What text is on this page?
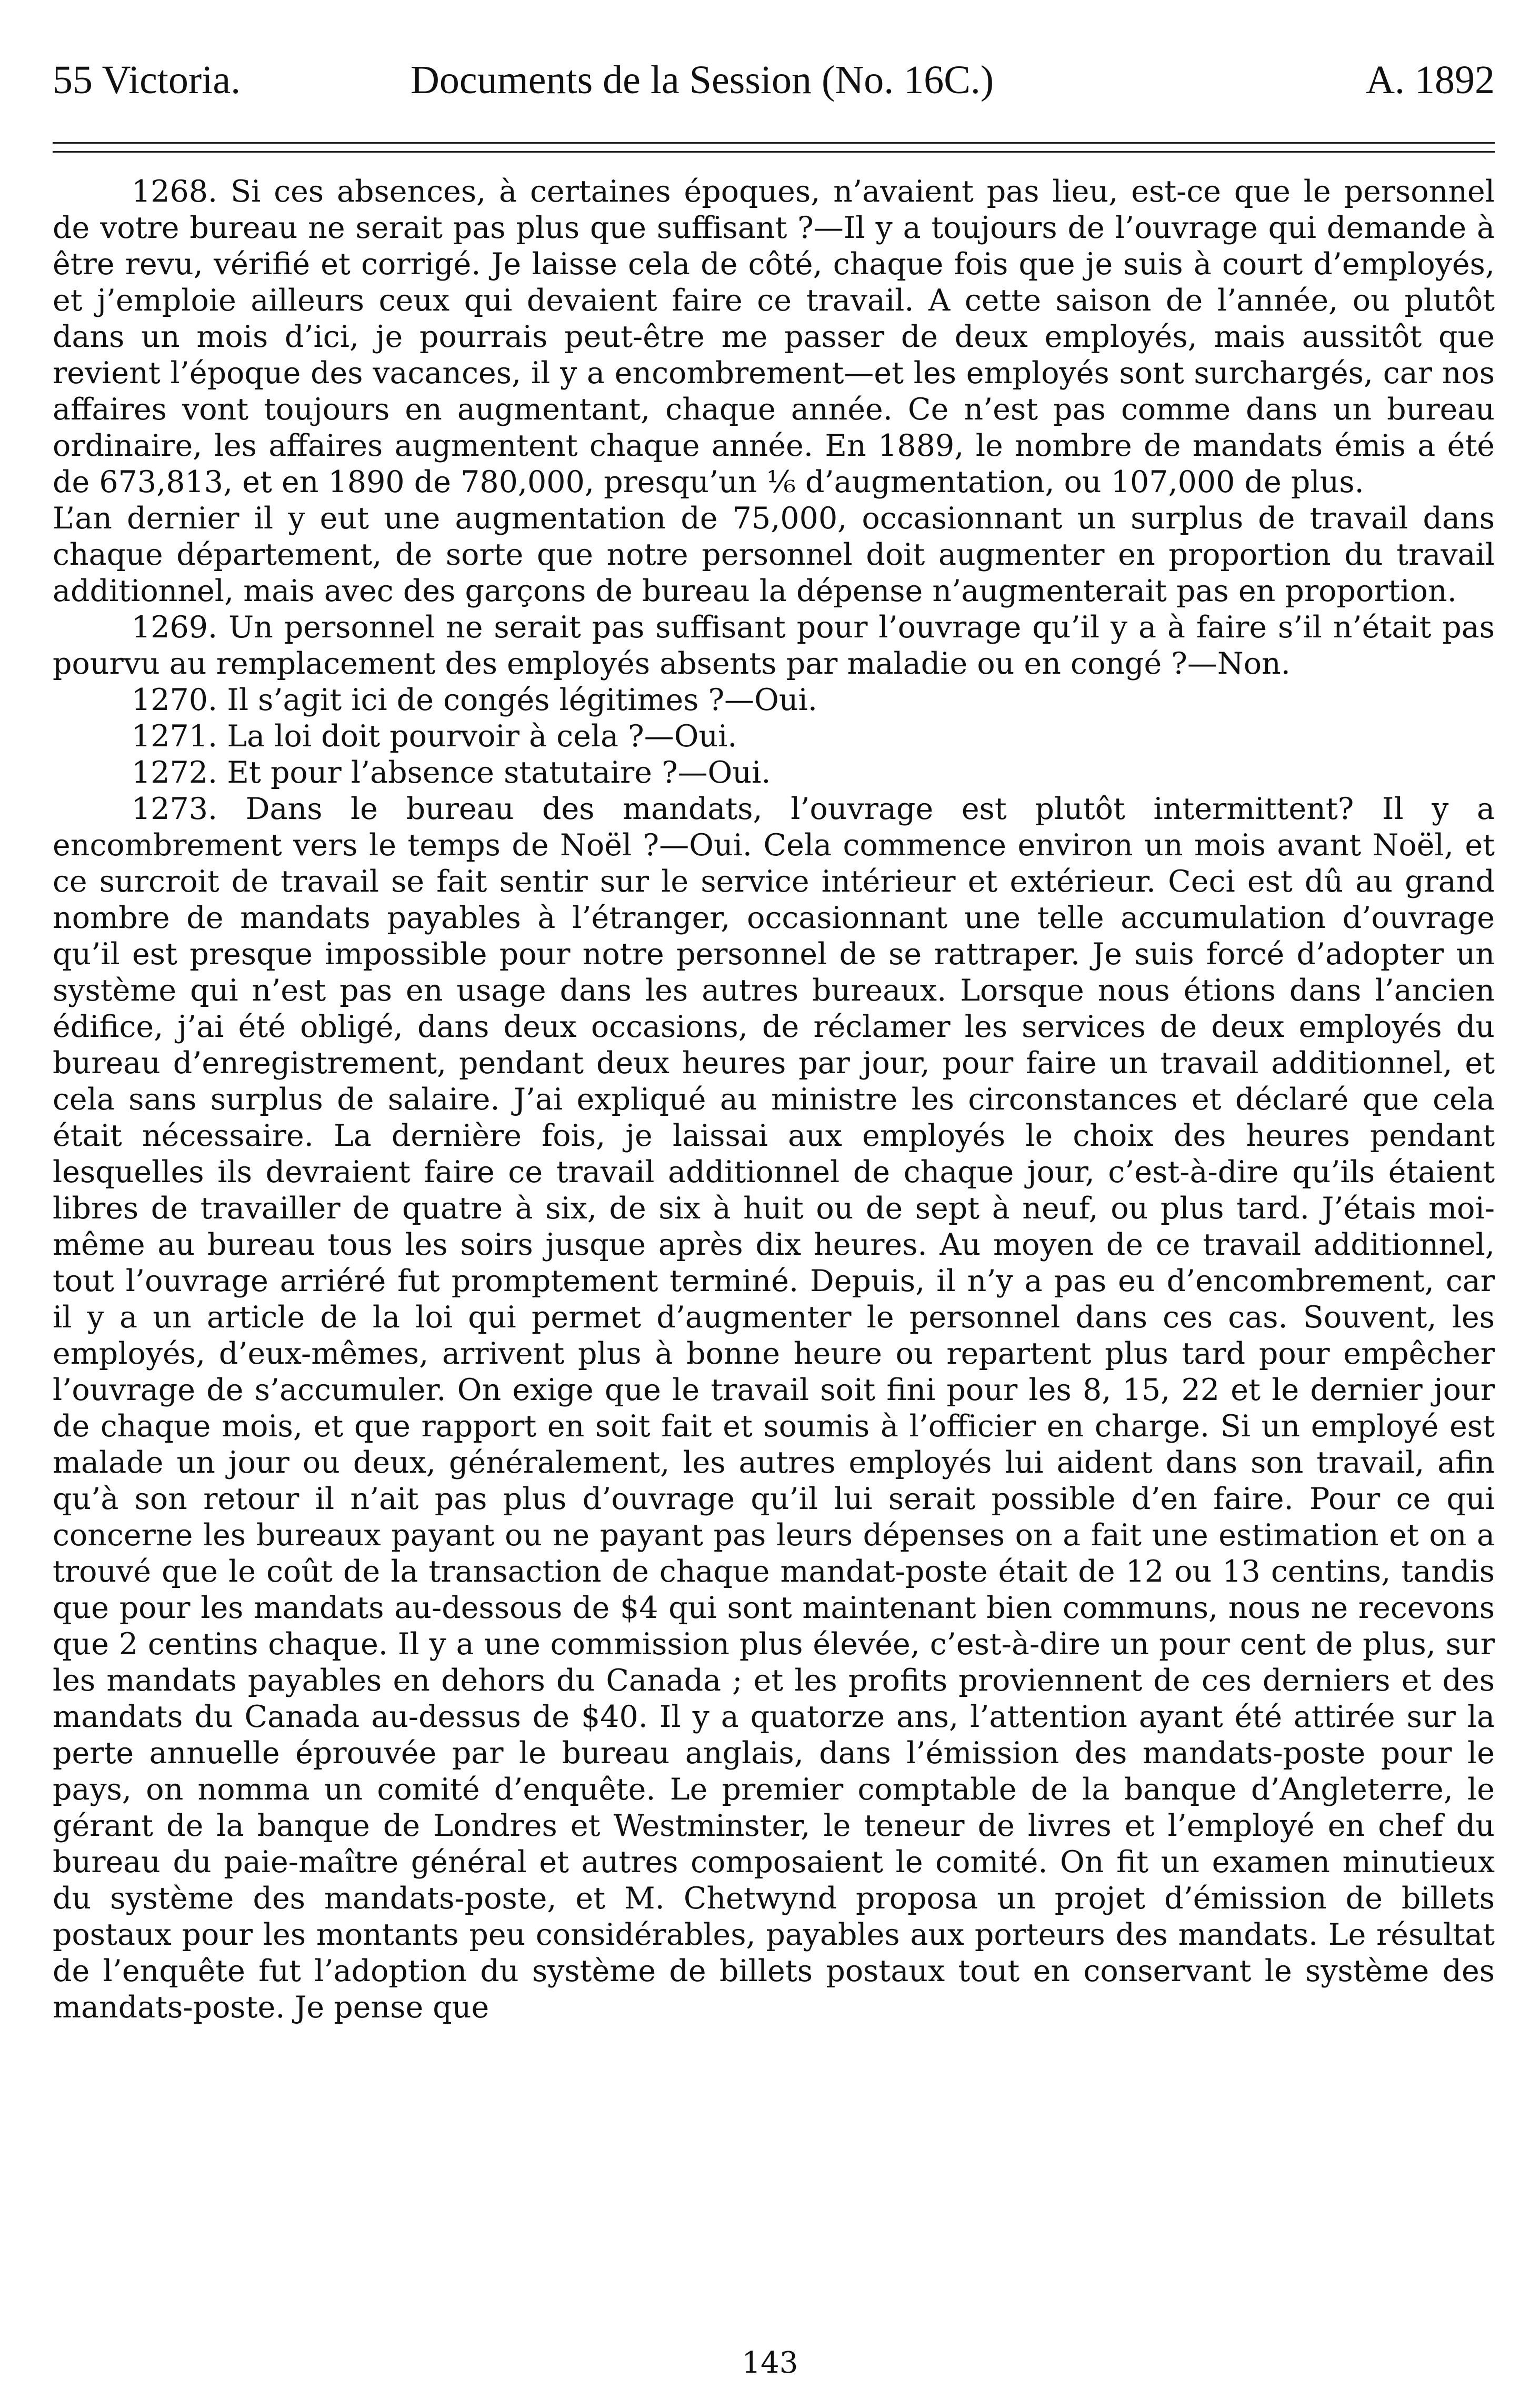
55 Victoria.	Documents de la Session (No. 16C.)	A. 1892

1268. Si ces absences, à certaines époques, n’avaient pas lieu, est-ce que le personnel de votre bureau ne serait pas plus que suffisant ?—Il y a toujours de l’ouvrage qui demande à être revu, vérifié et corrigé. Je laisse cela de côté, chaque fois que je suis à court d’employés, et j’emploie ailleurs ceux qui devaient faire ce travail. A cette saison de l’année, ou plutôt dans un mois d’ici, je pourrais peut-être me passer de deux employés, mais aussitôt que revient l’époque des vacances, il y a encombrement—et les employés sont surchargés, car nos affaires vont toujours en augmentant, chaque année. Ce n’est pas comme dans un bureau ordinaire, les affaires augmentent chaque année. En 1889, le nombre de mandats émis a été de 673,813, et en 1890 de 780,000, presqu’un ⅙ d’augmentation, ou 107,000 de plus.

L’an dernier il y eut une augmentation de 75,000, occasionnant un surplus de travail dans chaque département, de sorte que notre personnel doit augmenter en proportion du travail additionnel, mais avec des garçons de bureau la dépense n’augmenterait pas en proportion.

1269. Un personnel ne serait pas suffisant pour l’ouvrage qu’il y a à faire s’il n’était pas pourvu au remplacement des employés absents par maladie ou en congé ?—Non.

1270. Il s’agit ici de congés légitimes ?—Oui.

1271. La loi doit pourvoir à cela ?—Oui.

1272. Et pour l’absence statutaire ?—Oui.

1273. Dans le bureau des mandats, l’ouvrage est plutôt intermittent? Il y a encombrement vers le temps de Noël ?—Oui. Cela commence environ un mois avant Noël, et ce surcroit de travail se fait sentir sur le service intérieur et extérieur. Ceci est dû au grand nombre de mandats payables à l’étranger, occasionnant une telle accumulation d’ouvrage qu’il est presque impossible pour notre personnel de se rattraper. Je suis forcé d’adopter un système qui n’est pas en usage dans les autres bureaux. Lorsque nous étions dans l’ancien édifice, j’ai été obligé, dans deux occasions, de réclamer les services de deux employés du bureau d’enregistrement, pendant deux heures par jour, pour faire un travail additionnel, et cela sans surplus de salaire. J’ai expliqué au ministre les circonstances et déclaré que cela était nécessaire. La dernière fois, je laissai aux employés le choix des heures pendant lesquelles ils devraient faire ce travail additionnel de chaque jour, c’est-à-dire qu’ils étaient libres de travailler de quatre à six, de six à huit ou de sept à neuf, ou plus tard. J’étais moi-même au bureau tous les soirs jusque après dix heures. Au moyen de ce travail additionnel, tout l’ouvrage arriéré fut promptement terminé. Depuis, il n’y a pas eu d’encombrement, car il y a un article de la loi qui permet d’augmenter le personnel dans ces cas. Souvent, les employés, d’eux-mêmes, arrivent plus à bonne heure ou repartent plus tard pour empêcher l’ouvrage de s’accumuler. On exige que le travail soit fini pour les 8, 15, 22 et le dernier jour de chaque mois, et que rapport en soit fait et soumis à l’officier en charge. Si un employé est malade un jour ou deux, généralement, les autres employés lui aident dans son travail, afin qu’à son retour il n’ait pas plus d’ouvrage qu’il lui serait possible d’en faire. Pour ce qui concerne les bureaux payant ou ne payant pas leurs dépenses on a fait une estimation et on a trouvé que le coût de la transaction de chaque mandat-poste était de 12 ou 13 centins, tandis que pour les mandats au-dessous de $4 qui sont maintenant bien communs, nous ne recevons que 2 centins chaque. Il y a une commission plus élevée, c’est-à-dire un pour cent de plus, sur les mandats payables en dehors du Canada ; et les profits proviennent de ces derniers et des mandats du Canada au-dessus de $40. Il y a quatorze ans, l’attention ayant été attirée sur la perte annuelle éprouvée par le bureau anglais, dans l’émission des mandats-poste pour le pays, on nomma un comité d’enquête. Le premier comptable de la banque d’Angleterre, le gérant de la banque de Londres et Westminster, le teneur de livres et l’employé en chef du bureau du paie-maître général et autres composaient le comité. On fit un examen minutieux du système des mandats-poste, et M. Chetwynd proposa un projet d’émission de billets postaux pour les montants peu considérables, payables aux porteurs des mandats. Le résultat de l’enquête fut l’adoption du système de billets postaux tout en conservant le système des mandats-poste. Je pense que

143
